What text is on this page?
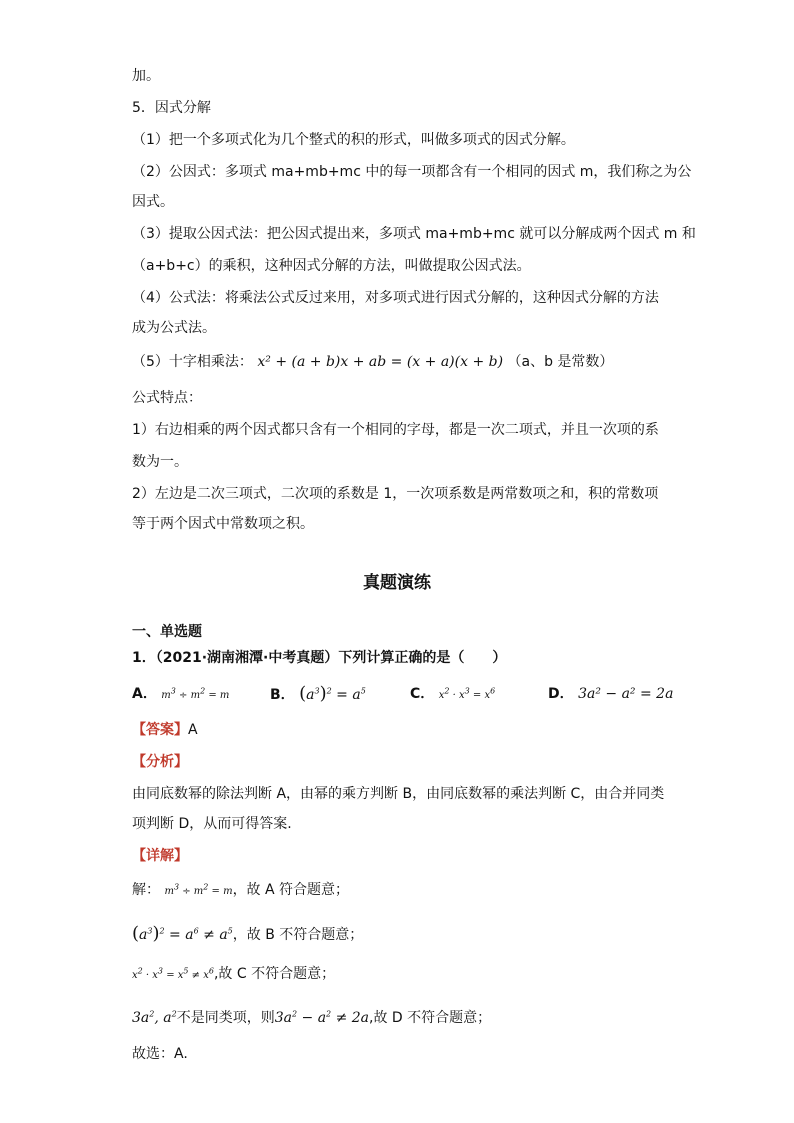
加。
5．因式分解
（1）把一个多项式化为几个整式的积的形式，叫做多项式的因式分解。
（2）公因式：多项式 ma+mb+mc 中的每一项都含有一个相同的因式 m，我们称之为公
因式。
（3）提取公因式法：把公因式提出来，多项式 ma+mb+mc 就可以分解成两个因式 m 和
（a+b+c）的乘积，这种因式分解的方法，叫做提取公因式法。
（4）公式法：将乘法公式反过来用，对多项式进行因式分解的，这种因式分解的方法
成为公式法。
（5）十字相乘法： x² + (a + b)x + ab = (x + a)(x + b) （a、b 是常数）
公式特点：
1）右边相乘的两个因式都只含有一个相同的字母，都是一次二项式，并且一次项的系
数为一。
2）左边是二次三项式，二次项的系数是 1，一次项系数是两常数项之和，积的常数项
等于两个因式中常数项之积。
真题演练
一、单选题
1．（2021·湖南湘潭·中考真题）下列计算正确的是（　　）
A． $m^3 \div m^2 = m$	B． $(a^3)^2 = a^5$	C． $x^2 \cdot x^3 = x^6$	D． 3a² − a² = 2a
【答案】A
【分析】
由同底数幂的除法判断 A，由幂的乘方判断 B，由同底数幂的乘法判断 C，由合并同类
项判断 D，从而可得答案.
【详解】
解： $m^3 \div m^2 = m$，故 A 符合题意；
$(a^3)^2 = a^6 \ne a^5$，故 B 不符合题意；
$x^2 \cdot x^3 = x^5 \ne x^6$,故 C 不符合题意；
$3a^2$, $a^2$不是同类项，则$3a^2 - a^2 \ne 2a$,故 D 不符合题意；
故选：A.
